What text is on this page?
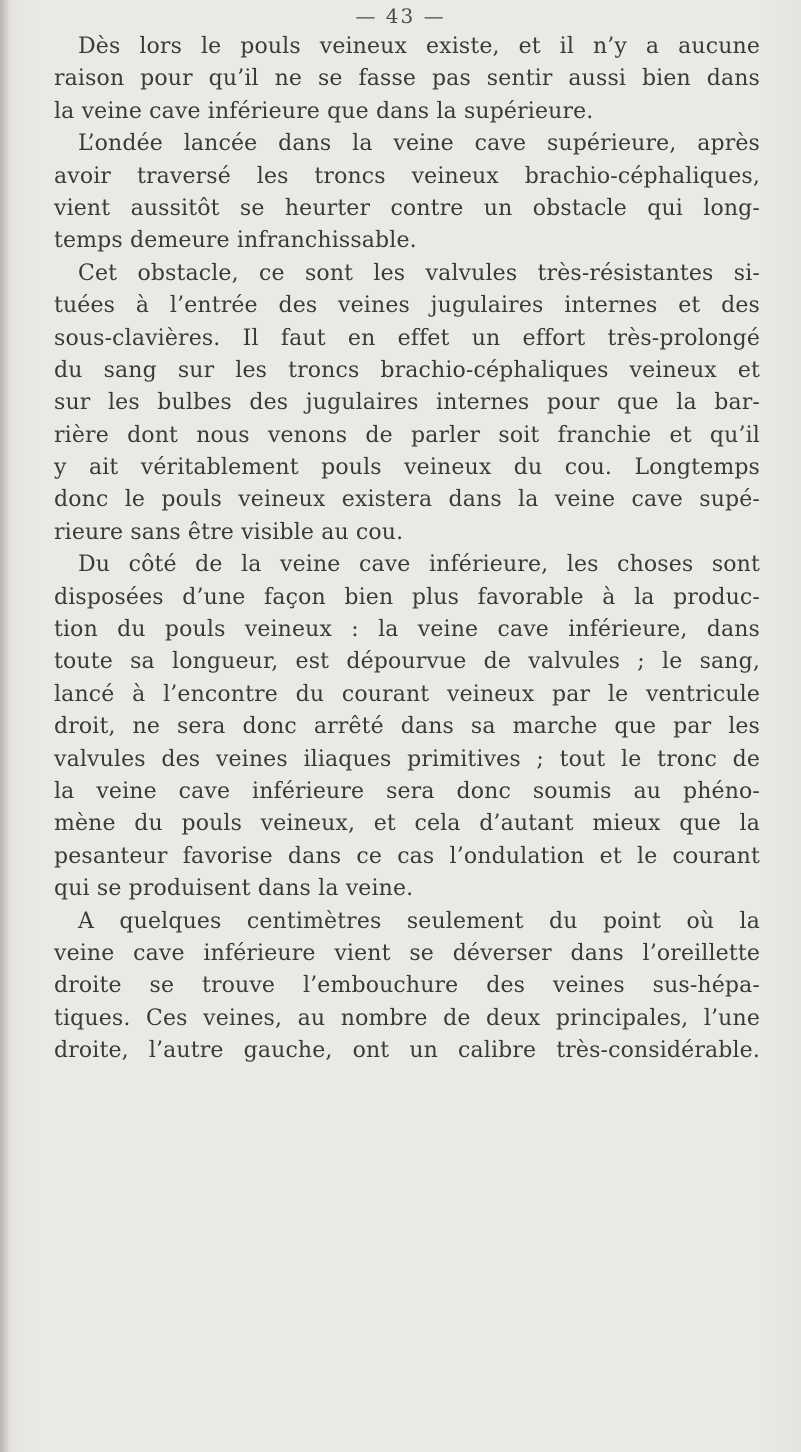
— 43 —
Dès lors le pouls veineux existe, et il n’y a aucune
raison pour qu’il ne se fasse pas sentir aussi bien dans
la veine cave inférieure que dans la supérieure.
L’ondée lancée dans la veine cave supérieure, après
avoir traversé les troncs veineux brachio-céphaliques,
vient aussitôt se heurter contre un obstacle qui long-
temps demeure infranchissable.
Cet obstacle, ce sont les valvules très-résistantes si-
tuées à l’entrée des veines jugulaires internes et des
sous-clavières. Il faut en effet un effort très-prolongé
du sang sur les troncs brachio-céphaliques veineux et
sur les bulbes des jugulaires internes pour que la bar-
rière dont nous venons de parler soit franchie et qu’il
y ait véritablement pouls veineux du cou. Longtemps
donc le pouls veineux existera dans la veine cave supé-
rieure sans être visible au cou.
Du côté de la veine cave inférieure, les choses sont
disposées d’une façon bien plus favorable à la produc-
tion du pouls veineux : la veine cave inférieure, dans
toute sa longueur, est dépourvue de valvules ; le sang,
lancé à l’encontre du courant veineux par le ventricule
droit, ne sera donc arrêté dans sa marche que par les
valvules des veines iliaques primitives ; tout le tronc de
la veine cave inférieure sera donc soumis au phéno-
mène du pouls veineux, et cela d’autant mieux que la
pesanteur favorise dans ce cas l’ondulation et le courant
qui se produisent dans la veine.
A quelques centimètres seulement du point où la
veine cave inférieure vient se déverser dans l’oreillette
droite se trouve l’embouchure des veines sus-hépa-
tiques. Ces veines, au nombre de deux principales, l’une
droite, l’autre gauche, ont un calibre très-considérable.
